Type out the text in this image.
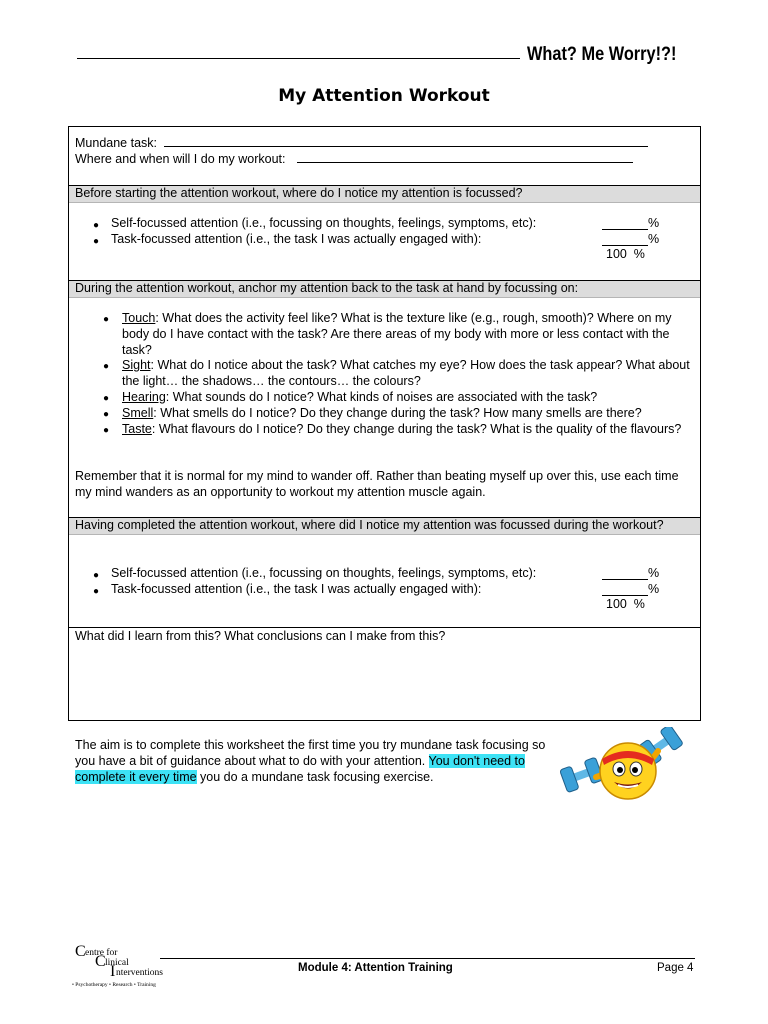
What? Me Worry!?!
My Attention Workout
Mundane task:
Where and when will I do my workout:
Before starting the attention workout, where do I notice my attention is focussed?
● Self-focussed attention (i.e., focussing on thoughts, feelings, symptoms, etc):	%
● Task-focussed attention (i.e., the task I was actually engaged with):	%
100  %
During the attention workout, anchor my attention back to the task at hand by focussing on:
● Touch: What does the activity feel like? What is the texture like (e.g., rough, smooth)? Where on my body do I have contact with the task? Are there areas of my body with more or less contact with the task?
● Sight: What do I notice about the task? What catches my eye? How does the task appear? What about the light… the shadows… the contours… the colours?
● Hearing: What sounds do I notice? What kinds of noises are associated with the task?
● Smell: What smells do I notice? Do they change during the task? How many smells are there?
● Taste: What flavours do I notice? Do they change during the task? What is the quality of the flavours?
Remember that it is normal for my mind to wander off. Rather than beating myself up over this, use each time my mind wanders as an opportunity to workout my attention muscle again.
Having completed the attention workout, where did I notice my attention was focussed during the workout?
● Self-focussed attention (i.e., focussing on thoughts, feelings, symptoms, etc):	%
● Task-focussed attention (i.e., the task I was actually engaged with):	%
100  %
What did I learn from this? What conclusions can I make from this?
The aim is to complete this worksheet the first time you try mundane task focusing so you have a bit of guidance about what to do with your attention. You don't need to complete it every time you do a mundane task focusing exercise.
C entre for
C linical
I nterventions
• Psychotherapy • Research • Training
Module 4: Attention Training	Page 4
